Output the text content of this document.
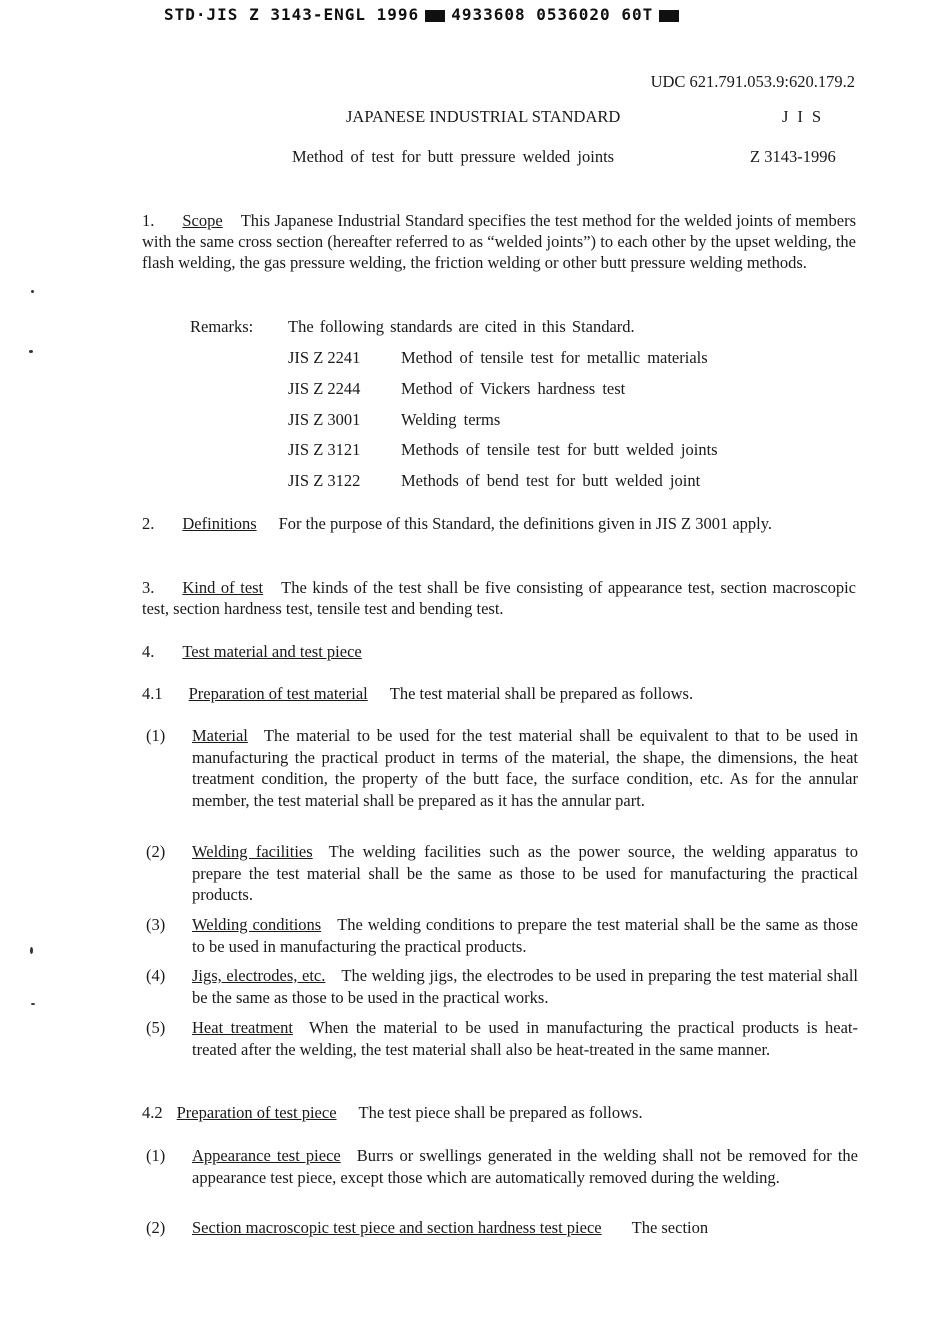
STD·JIS Z 3143-ENGL 1996 4933608 0536020 60T
UDC 621.791.053.9:620.179.2
JAPANESE INDUSTRIAL STANDARD	JIS
Method of test for butt pressure welded joints	Z 3143-1996
1. Scope This Japanese Industrial Standard specifies the test method for the welded joints of members with the same cross section (hereafter referred to as “welded joints”) to each other by the upset welding, the flash welding, the gas pressure welding, the friction welding or other butt pressure welding methods.
Remarks: The following standards are cited in this Standard.
JIS Z 2241 Method of tensile test for metallic materials
JIS Z 2244 Method of Vickers hardness test
JIS Z 3001 Welding terms
JIS Z 3121 Methods of tensile test for butt welded joints
JIS Z 3122 Methods of bend test for butt welded joint
2. Definitions For the purpose of this Standard, the definitions given in JIS Z 3001 apply.
3. Kind of test The kinds of the test shall be five consisting of appearance test, section macroscopic test, section hardness test, tensile test and bending test.
4. Test material and test piece
4.1 Preparation of test material The test material shall be prepared as follows.
(1) Material The material to be used for the test material shall be equivalent to that to be used in manufacturing the practical product in terms of the material, the shape, the dimensions, the heat treatment condition, the property of the butt face, the surface condition, etc. As for the annular member, the test material shall be prepared as it has the annular part.
(2) Welding facilities The welding facilities such as the power source, the welding apparatus to prepare the test material shall be the same as those to be used for manufacturing the practical products.
(3) Welding conditions The welding conditions to prepare the test material shall be the same as those to be used in manufacturing the practical products.
(4) Jigs, electrodes, etc. The welding jigs, the electrodes to be used in preparing the test material shall be the same as those to be used in the practical works.
(5) Heat treatment When the material to be used in manufacturing the practical products is heat-treated after the welding, the test material shall also be heat-treated in the same manner.
4.2 Preparation of test piece The test piece shall be prepared as follows.
(1) Appearance test piece Burrs or swellings generated in the welding shall not be removed for the appearance test piece, except those which are automatically removed during the welding.
(2) Section macroscopic test piece and section hardness test piece The section
